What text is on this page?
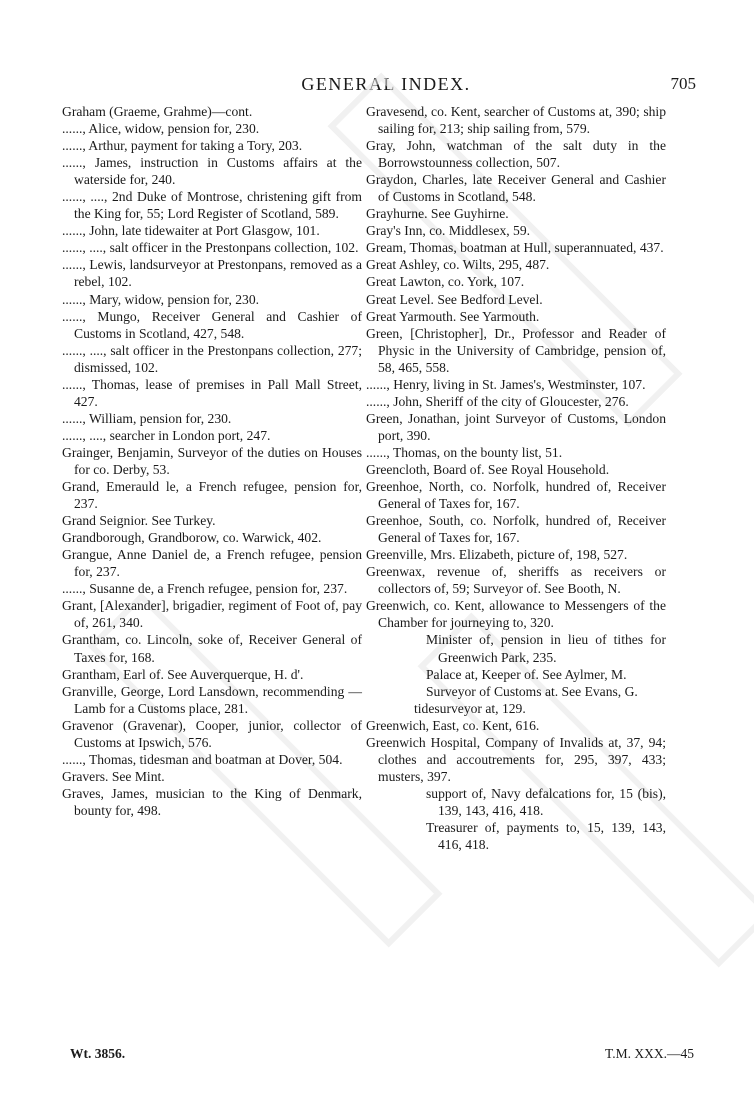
GENERAL INDEX.	705
Graham (Graeme, Grahme)—cont.
......, Alice, widow, pension for, 230.
......, Arthur, payment for taking a Tory, 203.
......, James, instruction in Customs affairs at the waterside for, 240.
......, ...., 2nd Duke of Montrose, christening gift from the King for, 55; Lord Register of Scotland, 589.
......, John, late tidewaiter at Port Glasgow, 101.
......, ...., salt officer in the Prestonpans collection, 102.
......, Lewis, landsurveyor at Prestonpans, removed as a rebel, 102.
......, Mary, widow, pension for, 230.
......, Mungo, Receiver General and Cashier of Customs in Scotland, 427, 548.
......, ...., salt officer in the Prestonpans collection, 277; dismissed, 102.
......, Thomas, lease of premises in Pall Mall Street, 427.
......, William, pension for, 230.
......, ...., searcher in London port, 247.
Grainger, Benjamin, Surveyor of the duties on Houses for co. Derby, 53.
Grand, Emerauld le, a French refugee, pension for, 237.
Grand Seignior. See Turkey.
Grandborough, Grandborow, co. Warwick, 402.
Grangue, Anne Daniel de, a French refugee, pension for, 237.
......, Susanne de, a French refugee, pension for, 237.
Grant, [Alexander], brigadier, regiment of Foot of, pay of, 261, 340.
Grantham, co. Lincoln, soke of, Receiver General of Taxes for, 168.
Grantham, Earl of. See Auverquerque, H. d'.
Granville, George, Lord Lansdown, recommending — Lamb for a Customs place, 281.
Gravenor (Gravenar), Cooper, junior, collector of Customs at Ipswich, 576.
......, Thomas, tidesman and boatman at Dover, 504.
Gravers. See Mint.
Graves, James, musician to the King of Denmark, bounty for, 498.
Gravesend, co. Kent, searcher of Customs at, 390; ship sailing for, 213; ship sailing from, 579.
Gray, John, watchman of the salt duty in the Borrowstounness collection, 507.
Graydon, Charles, late Receiver General and Cashier of Customs in Scotland, 548.
Grayhurne. See Guyhirne.
Gray's Inn, co. Middlesex, 59.
Gream, Thomas, boatman at Hull, superannuated, 437.
Great Ashley, co. Wilts, 295, 487.
Great Lawton, co. York, 107.
Great Level. See Bedford Level.
Great Yarmouth. See Yarmouth.
Green, [Christopher], Dr., Professor and Reader of Physic in the University of Cambridge, pension of, 58, 465, 558.
......, Henry, living in St. James's, Westminster, 107.
......, John, Sheriff of the city of Gloucester, 276.
Green, Jonathan, joint Surveyor of Customs, London port, 390.
......, Thomas, on the bounty list, 51.
Greencloth, Board of. See Royal Household.
Greenhoe, North, co. Norfolk, hundred of, Receiver General of Taxes for, 167.
Greenhoe, South, co. Norfolk, hundred of, Receiver General of Taxes for, 167.
Greenville, Mrs. Elizabeth, picture of, 198, 527.
Greenwax, revenue of, sheriffs as receivers or collectors of, 59; Surveyor of. See Booth, N.
Greenwich, co. Kent, allowance to Messengers of the Chamber for journeying to, 320.
Minister of, pension in lieu of tithes for Greenwich Park, 235.
Palace at, Keeper of. See Aylmer, M.
Surveyor of Customs at. See Evans, G.
tidesurveyor at, 129.
Greenwich, East, co. Kent, 616.
Greenwich Hospital, Company of Invalids at, 37, 94; clothes and accoutrements for, 295, 397, 433; musters, 397.
support of, Navy defalcations for, 15 (bis), 139, 143, 416, 418.
Treasurer of, payments to, 15, 139, 143, 416, 418.
Wt. 3856.	T.M. XXX.—45
